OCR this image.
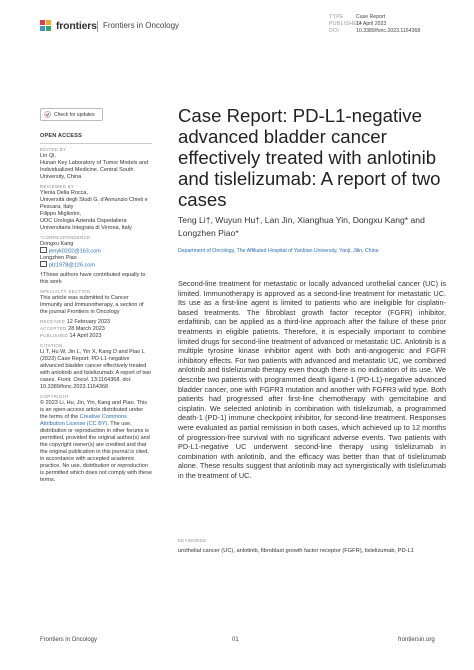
frontiers Frontiers in Oncology
TYPE Case Report
PUBLISHED14 April 2023
DOI	10.3389/fonc.2023.1164368
Check for updates
OPEN ACCESS
EDITED BY
Lin Qi,
Hunan Key Laboratory of Tumor Models and Individualized Medicine, Central South University, China
REVIEWED BY
Ylenia Della Rocca,
Università degli Studi G. d'Annunzio Chieti e Pescara, Italy
Filippo Migliorini,
UOC Urologia Azienda Ospedaliera Universitaria Integrata di Verona, Italy
*CORRESPONDENCE
Dongxu Kang
jenyk0202@163.com
Longzhen Piao
plz1978@126.com
†These authors have contributed equally to this work
SPECIALTY SECTION
This article was submitted to Cancer Immunity and Immunotherapy, a section of the journal Frontiers in Oncology
RECEIVED 12 February 2023
ACCEPTED 28 March 2023
PUBLISHED 14 April 2023
CITATION
Li T, Hu W, Jin L, Yin X, Kang D and Piao L (2023) Case Report: PD-L1-negative advanced bladder cancer effectively treated with anlotinib and tislelizumab: A report of two cases. Front. Oncol. 13:1164368. doi: 10.3389/fonc.2023.1164368
COPYRIGHT
© 2023 Li, Hu, Jin, Yin, Kang and Piao. This is an open-access article distributed under the terms of the Creative Commons Attribution License (CC BY). The use, distribution or reproduction in other forums is permitted, provided the original author(s) and the copyright owner(s) are credited and that the original publication in this journal is cited, in accordance with accepted academic practice. No use, distribution or reproduction is permitted which does not comply with these terms.
Case Report: PD-L1-negative advanced bladder cancer effectively treated with anlotinib and tislelizumab: A report of two cases
Teng Li†, Wuyun Hu†, Lan Jin, Xianghua Yin, Dongxu Kang* and Longzhen Piao*
Department of Oncology, The Affiliated Hospital of Yanbian University, Yanji, Jilin, China
Second-line treatment for metastatic or locally advanced urothelial cancer (UC) is limited. Immunotherapy is approved as a second-line treatment for metastatic UC. Its use as a first-line agent is limited to patients who are ineligible for cisplatin-based treatments. The fibroblast growth factor receptor (FGFR) inhibitor, erdafitinib, can be applied as a third-line approach after the failure of these prior treatments in eligible patients. Therefore, it is especially important to combine limited drugs for second-line treatment of advanced or metastatic UC. Anlotinib is a multiple tyrosine kinase inhibitor agent with both anti-angiogenic and FGFR inhibitory effects. For two patients with advanced and metastatic UC, we combined anlotinib and tislelizumab therapy even though there is no indication of its use. We describe two patients with programmed death ligand-1 (PD-L1)-negative advanced bladder cancer, one with FGFR3 mutation and another with FGFR3 wild type. Both patients had progressed after first-line chemotherapy with gemcitabine and cisplatin. We selected anlotinib in combination with tislelizumab, a programmed death-1 (PD-1) immune checkpoint inhibitor, for second-line treatment. Responses were evaluated as partial remission in both cases, which achieved up to 12 months of progression-free survival with no significant adverse events. Two patients with PD-L1-negative UC underwent second-line therapy using tislelizumab in combination with anlotinib, and the efficacy was better than that of tislelizumab alone. These results suggest that anlotinib may act synergistically with tislelizumab in the treatment of UC.
KEYWORDS
urothelial cancer (UC), anlotinib, fibroblast growth factor receptor (FGFR), tislelizumab, PD-L1
Frontiers in Oncology	01	frontiersin.org
